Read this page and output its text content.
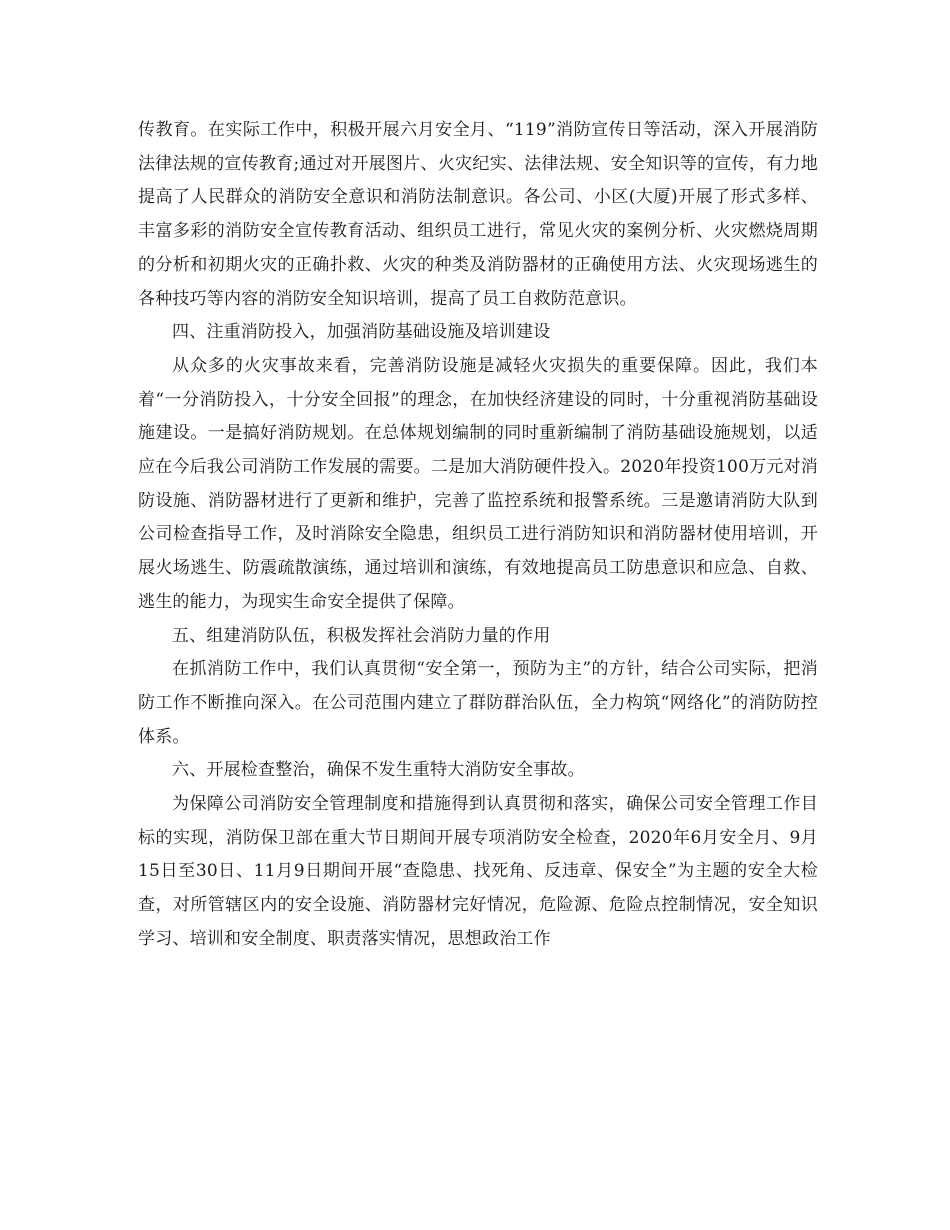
传教育。在实际工作中，积极开展六月安全月、“119”消防宣传日等活动，深入开展消防法律法规的宣传教育;通过对开展图片、火灾纪实、法律法规、安全知识等的宣传，有力地提高了人民群众的消防安全意识和消防法制意识。各公司、小区(大厦)开展了形式多样、丰富多彩的消防安全宣传教育活动、组织员工进行，常见火灾的案例分析、火灾燃烧周期的分析和初期火灾的正确扑救、火灾的种类及消防器材的正确使用方法、火灾现场逃生的各种技巧等内容的消防安全知识培训，提高了员工自救防范意识。

四、注重消防投入，加强消防基础设施及培训建设

从众多的火灾事故来看，完善消防设施是减轻火灾损失的重要保障。因此，我们本着“一分消防投入，十分安全回报”的理念，在加快经济建设的同时，十分重视消防基础设施建设。一是搞好消防规划。在总体规划编制的同时重新编制了消防基础设施规划，以适应在今后我公司消防工作发展的需要。二是加大消防硬件投入。2020年投资100万元对消防设施、消防器材进行了更新和维护，完善了监控系统和报警系统。三是邀请消防大队到公司检查指导工作，及时消除安全隐患，组织员工进行消防知识和消防器材使用培训，开展火场逃生、防震疏散演练，通过培训和演练，有效地提高员工防患意识和应急、自救、逃生的能力，为现实生命安全提供了保障。

五、组建消防队伍，积极发挥社会消防力量的作用

在抓消防工作中，我们认真贯彻“安全第一，预防为主”的方针，结合公司实际，把消防工作不断推向深入。在公司范围内建立了群防群治队伍，全力构筑“网络化”的消防防控体系。

六、开展检查整治，确保不发生重特大消防安全事故。

为保障公司消防安全管理制度和措施得到认真贯彻和落实，确保公司安全管理工作目标的实现，消防保卫部在重大节日期间开展专项消防安全检查，2020年6月安全月、9月15日至30日、11月9日期间开展“查隐患、找死角、反违章、保安全”为主题的安全大检查，对所管辖区内的安全设施、消防器材完好情况，危险源、危险点控制情况，安全知识学习、培训和安全制度、职责落实情况，思想政治工作
